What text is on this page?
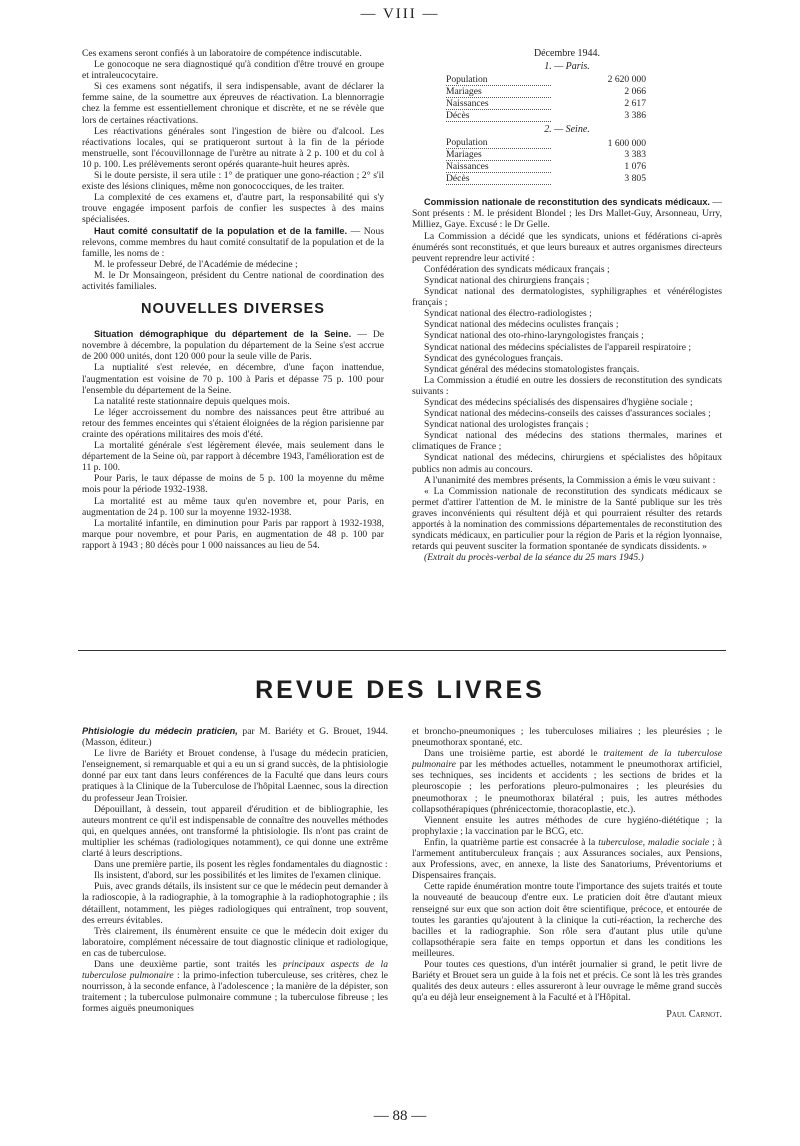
— VIII —

Ces examens seront confiés à un laboratoire de compétence indiscutable.

Le gonocoque ne sera diagnostiqué qu'à condition d'être trouvé en groupe et intraleucocytaire.

Si ces examens sont négatifs, il sera indispensable, avant de déclarer la femme saine, de la soumettre aux épreuves de réactivation. La blennorragie chez la femme est essentiellement chronique et discrète, et ne se révèle que lors de certaines réactivations.

Les réactivations générales sont l'ingestion de bière ou d'alcool. Les réactivations locales, qui se pratiqueront surtout à la fin de la période menstruelle, sont l'écouvillonnage de l'urètre au nitrate à 2 p. 100 et du col à 10 p. 100. Les prélèvements seront opérés quarante-huit heures après.

Si le doute persiste, il sera utile : 1° de pratiquer une gono-réaction ; 2° s'il existe des lésions cliniques, même non gonococciques, de les traiter.

La complexité de ces examens et, d'autre part, la responsabilité qui s'y trouve engagée imposent parfois de confier les suspectes à des mains spécialisées.

Haut comité consultatif de la population et de la famille. — Nous relevons, comme membres du haut comité consultatif de la population et de la famille, les noms de :

M. le professeur Debré, de l'Académie de médecine ;

M. le Dr Monsaingeon, président du Centre national de coordination des activités familiales.

NOUVELLES DIVERSES

Situation démographique du département de la Seine. — De novembre à décembre, la population du département de la Seine s'est accrue de 200 000 unités, dont 120 000 pour la seule ville de Paris.

La nuptialité s'est relevée, en décembre, d'une façon inattendue, l'augmentation est voisine de 70 p. 100 à Paris et dépasse 75 p. 100 pour l'ensemble du département de la Seine.

La natalité reste stationnaire depuis quelques mois.

Le léger accroissement du nombre des naissances peut être attribué au retour des femmes enceintes qui s'étaient éloignées de la région parisienne par crainte des opérations militaires des mois d'été.

La mortalité générale s'est légèrement élevée, mais seulement dans le département de la Seine où, par rapport à décembre 1943, l'amélioration est de 11 p. 100.

Pour Paris, le taux dépasse de moins de 5 p. 100 la moyenne du même mois pour la période 1932-1938.

La mortalité est au même taux qu'en novembre et, pour Paris, en augmentation de 24 p. 100 sur la moyenne 1932-1938.

La mortalité infantile, en diminution pour Paris par rapport à 1932-1938, marque pour novembre, et pour Paris, en augmentation de 48 p. 100 par rapport à 1943 ; 80 décès pour 1 000 naissances au lieu de 54.

Décembre 1944.
1. — Paris.
Population	2 620 000
Mariages	2 066
Naissances	2 617
Décès	3 386
2. — Seine.
Population	1 600 000
Mariages	3 383
Naissances	1 076
Décès	3 805

Commission nationale de reconstitution des syndicats médicaux. — Sont présents : M. le président Blondel ; les Drs Mallet-Guy, Arsonneau, Urry, Milliez, Gaye. Excusé : le Dr Gelle.

La Commission a décidé que les syndicats, unions et fédérations ci-après énumérés sont reconstitués, et que leurs bureaux et autres organismes directeurs peuvent reprendre leur activité :

Confédération des syndicats médicaux français ;

Syndicat national des chirurgiens français ;

Syndicat national des dermatologistes, syphiligraphes et vénérélogistes français ;

Syndicat national des électro-radiologistes ;

Syndicat national des médecins oculistes français ;

Syndicat national des oto-rhino-laryngologistes français ;

Syndicat national des médecins spécialistes de l'appareil respiratoire ;

Syndicat des gynécologues français.

Syndicat général des médecins stomatologistes français.

La Commission a étudié en outre les dossiers de reconstitution des syndicats suivants :

Syndicat des médecins spécialisés des dispensaires d'hygiène sociale ;

Syndicat national des médecins-conseils des caisses d'assurances sociales ;

Syndicat national des urologistes français ;

Syndicat national des médecins des stations thermales, marines et climatiques de France ;

Syndicat national des médecins, chirurgiens et spécialistes des hôpitaux publics non admis au concours.

A l'unanimité des membres présents, la Commission a émis le vœu suivant :

« La Commission nationale de reconstitution des syndicats médicaux se permet d'attirer l'attention de M. le ministre de la Santé publique sur les très graves inconvénients qui résultent déjà et qui pourraient résulter des retards apportés à la nomination des commissions départementales de reconstitution des syndicats médicaux, en particulier pour la région de Paris et la région lyonnaise, retards qui peuvent susciter la formation spontanée de syndicats dissidents. »

(Extrait du procès-verbal de la séance du 25 mars 1945.)

REVUE DES LIVRES

Phtisiologie du médecin praticien, par M. Bariéty et G. Brouet, 1944. (Masson, éditeur.)

Le livre de Bariéty et Brouet condense, à l'usage du médecin praticien, l'enseignement, si remarquable et qui a eu un si grand succès, de la phtisiologie donné par eux tant dans leurs conférences de la Faculté que dans leurs cours pratiques à la Clinique de la Tuberculose de l'hôpital Laennec, sous la direction du professeur Jean Troisier.

Dépouillant, à dessein, tout appareil d'érudition et de bibliographie, les auteurs montrent ce qu'il est indispensable de connaître des nouvelles méthodes qui, en quelques années, ont transformé la phtisiologie. Ils n'ont pas craint de multiplier les schémas (radiologiques notamment), ce qui donne une extrême clarté à leurs descriptions.

Dans une première partie, ils posent les règles fondamentales du diagnostic :

Ils insistent, d'abord, sur les possibilités et les limites de l'examen clinique.

Puis, avec grands détails, ils insistent sur ce que le médecin peut demander à la radioscopie, à la radiographie, à la tomographie à la radiophotographie ; ils détaillent, notamment, les pièges radiologiques qui entraînent, trop souvent, des erreurs évitables.

Très clairement, ils énumèrent ensuite ce que le médecin doit exiger du laboratoire, complément nécessaire de tout diagnostic clinique et radiologique, en cas de tuberculose.

Dans une deuxième partie, sont traités les principaux aspects de la tuberculose pulmonaire : la primo-infection tuberculeuse, ses critères, chez le nourrisson, à la seconde enfance, à l'adolescence ; la manière de la dépister, son traitement ; la tuberculose pulmonaire commune ; la tuberculose fibreuse ; les formes aiguës pneumoniques

et broncho-pneumoniques ; les tuberculoses miliaires ; les pleurésies ; le pneumothorax spontané, etc.

Dans une troisième partie, est abordé le traitement de la tuberculose pulmonaire par les méthodes actuelles, notamment le pneumothorax artificiel, ses techniques, ses incidents et accidents ; les sections de brides et la pleuroscopie ; les perforations pleuro-pulmonaires ; les pleurésies du pneumothorax ; le pneumothorax bilatéral ; puis, les autres méthodes collapsothérapiques (phrénicectomie, thoracoplastie, etc.).

Viennent ensuite les autres méthodes de cure hygiéno-diététique ; la prophylaxie ; la vaccination par le BCG, etc.

Enfin, la quatrième partie est consacrée à la tuberculose, maladie sociale ; à l'armement antituberculeux français ; aux Assurances sociales, aux Pensions, aux Professions, avec, en annexe, la liste des Sanatoriums, Préventoriums et Dispensaires français.

Cette rapide énumération montre toute l'importance des sujets traités et toute la nouveauté de beaucoup d'entre eux. Le praticien doit être d'autant mieux renseigné sur eux que son action doit être scientifique, précoce, et entourée de toutes les garanties qu'ajoutent à la clinique la cuti-réaction, la recherche des bacilles et la radiographie. Son rôle sera d'autant plus utile qu'une collapsothérapie sera faite en temps opportun et dans les conditions les meilleures.

Pour toutes ces questions, d'un intérêt journalier si grand, le petit livre de Bariéty et Brouet sera un guide à la fois net et précis. Ce sont là les très grandes qualités des deux auteurs : elles assureront à leur ouvrage le même grand succès qu'a eu déjà leur enseignement à la Faculté et à l'Hôpital.

Paul Carnot.
— 88 —
